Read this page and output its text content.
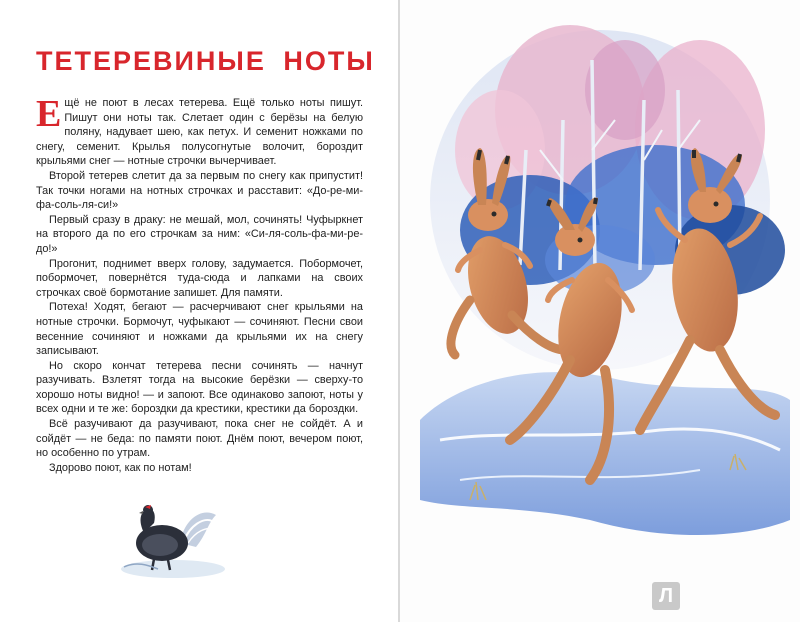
ТЕТЕРЕВИНЫЕ НОТЫ

Ещё не поют в лесах тетерева. Ещё только ноты пишут. Пишут они ноты так. Слетает один с берёзы на белую поляну, надувает шею, как петух. И семенит ножками по снегу, семенит. Крылья полусогнутые волочит, бороздит крыльями снег — нотные строчки вычерчивает.

Второй тетерев слетит да за первым по снегу как припустит! Так точки ногами на нотных строчках и расставит: «До-ре-ми-фа-соль-ля-си!»

Первый сразу в драку: не мешай, мол, сочинять! Чуфыркнет на второго да по его строчкам за ним: «Си-ля-соль-фа-ми-ре-до!»

Прогонит, поднимет вверх голову, задумается. Побормочет, побормочет, повернётся туда-сюда и лапками на своих строчках своё бормотание запишет. Для памяти.

Потеха! Ходят, бегают — расчерчивают снег крыльями на нотные строчки. Бормочут, чуфыкают — сочиняют. Песни свои весенние сочиняют и ножками да крыльями их на снегу записывают.

Но скоро кончат тетерева песни сочинять — начнут разучивать. Взлетят тогда на высокие берёзки — сверху-то хорошо ноты видно! — и запоют. Все одинаково запоют, ноты у всех одни и те же: бороздки да крестики, крестики да бороздки.

Всё разучивают да разучивают, пока снег не сойдёт. А и сойдёт — не беда: по памяти поют. Днём поют, вечером поют, но особенно по утрам.

Здорово поют, как по нотам!

Л
